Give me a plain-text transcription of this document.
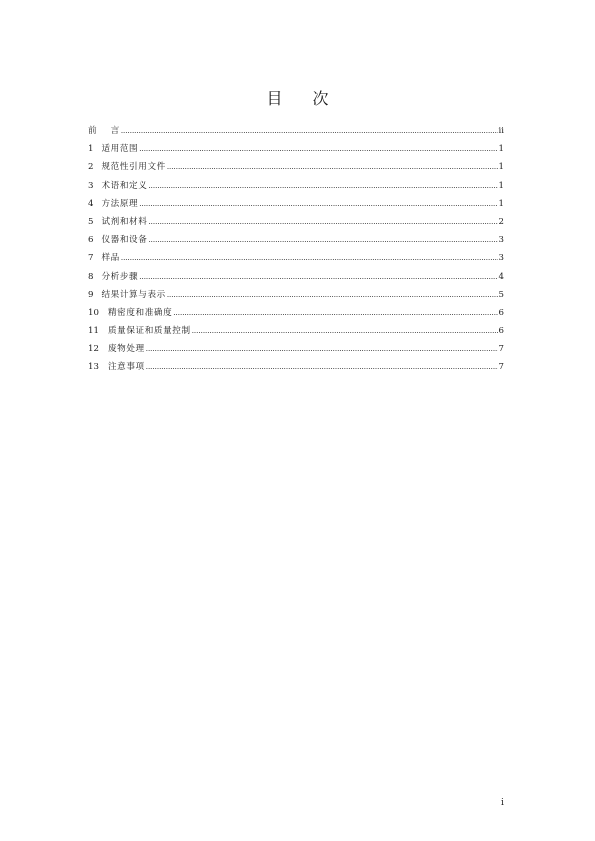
目 次
前 言 .....	ii
1 适用范围 .....	1
2 规范性引用文件 .....	1
3 术语和定义 .....	1
4 方法原理 .....	1
5 试剂和材料 .....	2
6 仪器和设备 .....	3
7 样品 .....	3
8 分析步骤 .....	4
9 结果计算与表示 .....	5
10 精密度和准确度 .....	6
11 质量保证和质量控制 .....	6
12 废物处理 .....	7
13 注意事项 .....	7
i
